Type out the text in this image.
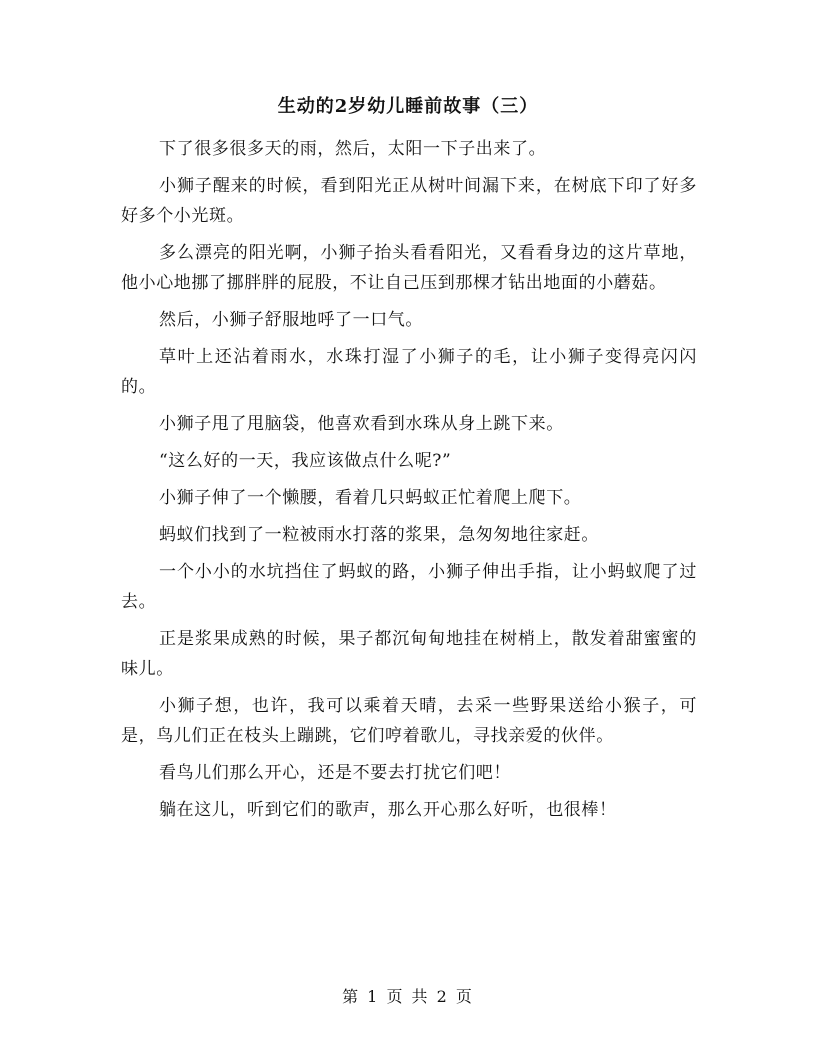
生动的2岁幼儿睡前故事（三）

下了很多很多天的雨，然后，太阳一下子出来了。

小狮子醒来的时候，看到阳光正从树叶间漏下来，在树底下印了好多好多个小光斑。

多么漂亮的阳光啊，小狮子抬头看看阳光，又看看身边的这片草地，他小心地挪了挪胖胖的屁股，不让自己压到那棵才钻出地面的小蘑菇。

然后，小狮子舒服地呼了一口气。

草叶上还沾着雨水，水珠打湿了小狮子的毛，让小狮子变得亮闪闪的。

小狮子甩了甩脑袋，他喜欢看到水珠从身上跳下来。

“这么好的一天，我应该做点什么呢?”

小狮子伸了一个懒腰，看着几只蚂蚁正忙着爬上爬下。

蚂蚁们找到了一粒被雨水打落的浆果，急匆匆地往家赶。

一个小小的水坑挡住了蚂蚁的路，小狮子伸出手指，让小蚂蚁爬了过去。

正是浆果成熟的时候，果子都沉甸甸地挂在树梢上，散发着甜蜜蜜的味儿。

小狮子想，也许，我可以乘着天晴，去采一些野果送给小猴子，可是，鸟儿们正在枝头上蹦跳，它们哼着歌儿，寻找亲爱的伙伴。

看鸟儿们那么开心，还是不要去打扰它们吧！

躺在这儿，听到它们的歌声，那么开心那么好听，也很棒！

第 1 页 共 2 页
